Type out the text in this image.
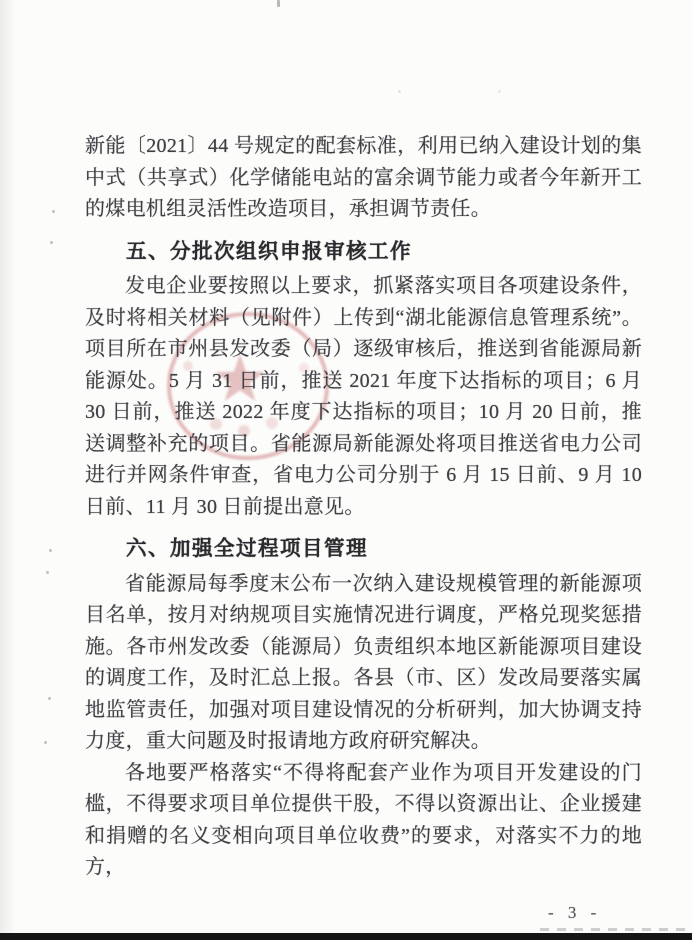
新能〔2021〕44 号规定的配套标准，利用已纳入建设计划的集中式（共享式）化学储能电站的富余调节能力或者今年新开工的煤电机组灵活性改造项目，承担调节责任。

五、分批次组织申报审核工作

发电企业要按照以上要求，抓紧落实项目各项建设条件，及时将相关材料（见附件）上传到“湖北能源信息管理系统”。项目所在市州县发改委（局）逐级审核后，推送到省能源局新能源处。5 月 31 日前，推送 2021 年度下达指标的项目；6 月 30 日前，推送 2022 年度下达指标的项目；10 月 20 日前，推送调整补充的项目。省能源局新能源处将项目推送省电力公司进行并网条件审查，省电力公司分别于 6 月 15 日前、9 月 10 日前、11 月 30 日前提出意见。

六、加强全过程项目管理

省能源局每季度末公布一次纳入建设规模管理的新能源项目名单，按月对纳规项目实施情况进行调度，严格兑现奖惩措施。各市州发改委（能源局）负责组织本地区新能源项目建设的调度工作，及时汇总上报。各县（市、区）发改局要落实属地监管责任，加强对项目建设情况的分析研判，加大协调支持力度，重大问题及时报请地方政府研究解决。

各地要严格落实“不得将配套产业作为项目开发建设的门槛，不得要求项目单位提供干股，不得以资源出让、企业援建和捐赠的名义变相向项目单位收费”的要求，对落实不力的地方，

- 3 -
